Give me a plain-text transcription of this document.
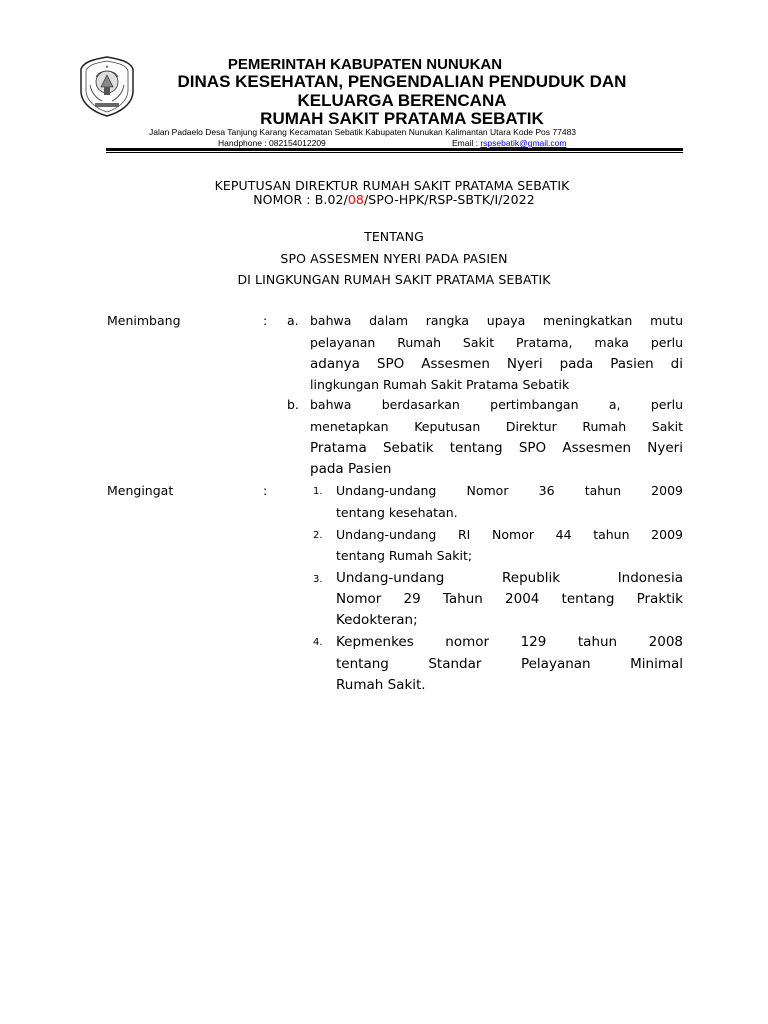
★	PEMERINTAH KABUPATEN NUNUKAN
DINAS KESEHATAN, PENGENDALIAN PENDUDUK DAN
KELUARGA BERENCANA
RUMAH SAKIT PRATAMA SEBATIK
Jalan Padaelo Desa Tanjung Karang Kecamatan Sebatik Kabupaten Nunukan Kalimantan Utara Kode Pos 77483
Handphone : 082154012209	Email : rspsebatik@gmail.com
KEPUTUSAN DIREKTUR RUMAH SAKIT PRATAMA SEBATIK
NOMOR : B.02/08/SPO-HPK/RSP-SBTK/I/2022
TENTANG
SPO ASSESMEN NYERI PADA PASIEN
DI LINGKUNGAN RUMAH SAKIT PRATAMA SEBATIK
Menimbang	: a. bahwa dalam rangka upaya meningkatkan mutu
pelayanan Rumah Sakit Pratama, maka perlu
adanya SPO Assesmen Nyeri pada Pasien di
lingkungan Rumah Sakit Pratama Sebatik
b. bahwa berdasarkan pertimbangan a, perlu
menetapkan Keputusan Direktur Rumah Sakit
Pratama Sebatik tentang SPO Assesmen Nyeri
pada Pasien
Mengingat	:	1. Undang-undang Nomor 36 tahun 2009
tentang kesehatan.
2. Undang-undang RI Nomor 44 tahun 2009
tentang Rumah Sakit;
3. Undang-undang Republik Indonesia
Nomor 29 Tahun 2004 tentang Praktik
Kedokteran;
4. Kepmenkes nomor 129 tahun 2008
tentang Standar Pelayanan Minimal
Rumah Sakit.
